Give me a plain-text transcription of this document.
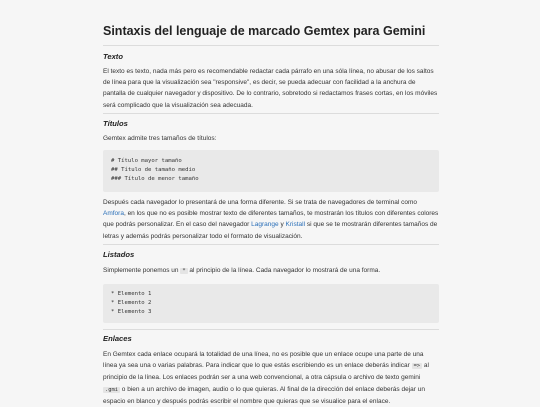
Sintaxis del lenguaje de marcado Gemtex para Gemini
Texto

El texto es texto, nada más pero es recomendable redactar cada párrafo en una sóla línea, no abusar de los saltos de línea para que la visualización sea "responsive", es decir, se pueda adecuar con facilidad a la anchura de pantalla de cualquier navegador y dispositivo. De lo contrario, sobretodo si redactamos frases cortas, en los móviles será complicado que la visualización sea adecuada.

Títulos

Gemtex admite tres tamaños de títulos:

# Título mayor tamaño
## Título de tamaño medio
### Título de menor tamaño

Después cada navegador lo presentará de una forma diferente. Si se trata de navegadores de terminal como Amfora, en los que no es posible mostrar texto de diferentes tamaños, te mostrarán los títulos con diferentes colores que podrás personalizar. En el caso del navegador Lagrange y Kristall si que se te mostrarán diferentes tamaños de letras y además podrás personalizar todo el formato de visualización.

Listados

Simplemente ponemos un * al principio de la línea. Cada navegador lo mostrará de una forma.

* Elemento 1
* Elemento 2
* Elemento 3
Enlaces

En Gemtex cada enlace ocupará la totalidad de una línea, no es posible que un enlace ocupe una parte de una línea ya sea una o varias palabras. Para indicar que lo que estás escribiendo es un enlace deberás indicar => al principio de la línea. Los enlaces podrán ser a una web convencional, a otra cápsula o archivo de texto gemini .gmi o bien a un archivo de imagen, audio o lo que quieras. Al final de la dirección del enlace deberás dejar un espacio en blanco y después podrás escribir el nombre que quieras que se visualice para el enlace.
